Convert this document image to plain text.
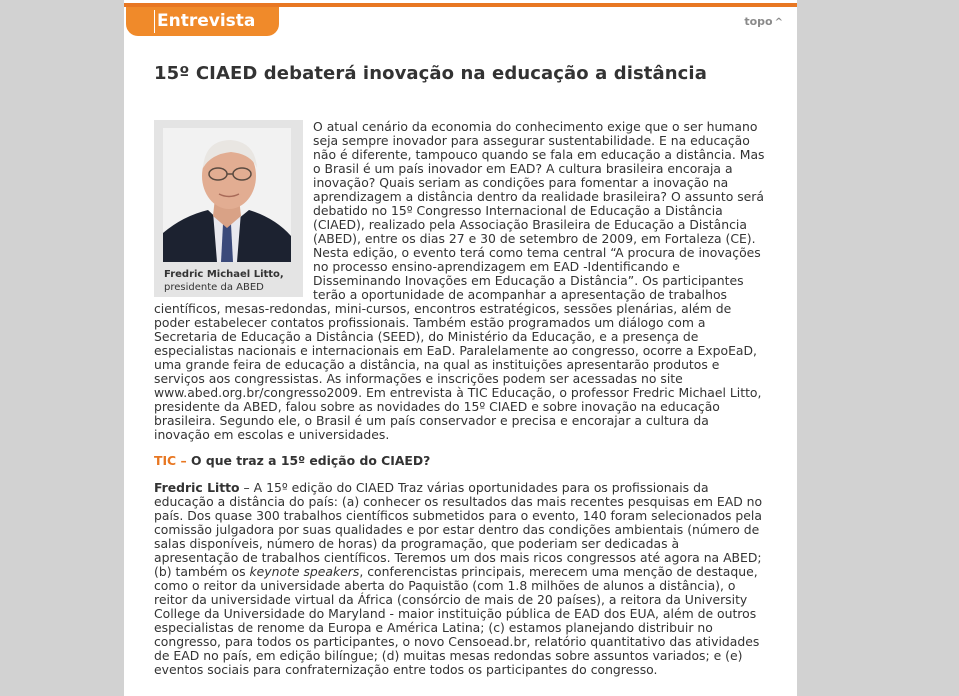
Entrevista	topo ^
15º CIAED debaterá inovação na educação a distância
Fredric Michael Litto,
presidente da ABED

O atual cenário da economia do conhecimento exige que o ser humano seja sempre inovador para assegurar sustentabilidade. E na educação não é diferente, tampouco quando se fala em educação a distância. Mas o Brasil é um país inovador em EAD? A cultura brasileira encoraja a inovação? Quais seriam as condições para fomentar a inovação na aprendizagem a distância dentro da realidade brasileira? O assunto será debatido no 15º Congresso Internacional de Educação a Distância (CIAED), realizado pela Associação Brasileira de Educação a Distância (ABED), entre os dias 27 e 30 de setembro de 2009, em Fortaleza (CE). Nesta edição, o evento terá como tema central “A procura de inovações no processo ensino-aprendizagem em EAD -Identificando e Disseminando Inovações em Educação a Distância”. Os participantes terão a oportunidade de acompanhar a apresentação de trabalhos científicos, mesas-redondas, mini-cursos, encontros estratégicos, sessões plenárias, além de poder estabelecer contatos profissionais. Também estão programados um diálogo com a Secretaria de Educação a Distância (SEED), do Ministério da Educação, e a presença de especialistas nacionais e internacionais em EaD. Paralelamente ao congresso, ocorre a ExpoEaD, uma grande feira de educação a distância, na qual as instituições apresentarão produtos e serviços aos congressistas. As informações e inscrições podem ser acessadas no site www.abed.org.br/congresso2009. Em entrevista à TIC Educação, o professor Fredric Michael Litto, presidente da ABED, falou sobre as novidades do 15º CIAED e sobre inovação na educação brasileira. Segundo ele, o Brasil é um país conservador e precisa e encorajar a cultura da inovação em escolas e universidades.

TIC – O que traz a 15º edição do CIAED?

Fredric Litto – A 15º edição do CIAED Traz várias oportunidades para os profissionais da educação a distância do país: (a) conhecer os resultados das mais recentes pesquisas em EAD no país. Dos quase 300 trabalhos científicos submetidos para o evento, 140 foram selecionados pela comissão julgadora por suas qualidades e por estar dentro das condições ambientais (número de salas disponíveis, número de horas) da programação, que poderiam ser dedicadas à apresentação de trabalhos científicos. Teremos um dos mais ricos congressos até agora na ABED; (b) também os keynote speakers, conferencistas principais, merecem uma menção de destaque, como o reitor da universidade aberta do Paquistão (com 1.8 milhões de alunos a distância), o reitor da universidade virtual da África (consórcio de mais de 20 países), a reitora da University College da Universidade do Maryland - maior instituição pública de EAD dos EUA, além de outros especialistas de renome da Europa e América Latina; (c) estamos planejando distribuir no congresso, para todos os participantes, o novo Censoead.br, relatório quantitativo das atividades de EAD no país, em edição bilíngue; (d) muitas mesas redondas sobre assuntos variados; e (e) eventos sociais para confraternização entre todos os participantes do congresso.
